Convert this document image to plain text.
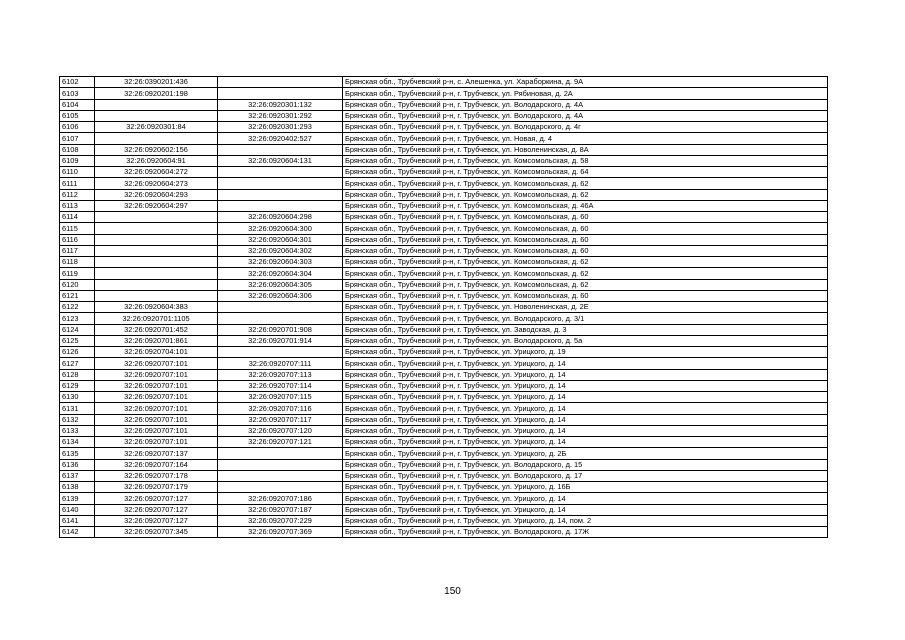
6102	32:26:0390201:436		Брянская обл., Трубчевский р-н, с. Алешенка, ул. Хараборкина, д. 9А
6103	32:26:0920201:198		Брянская обл., Трубчевский р-н, г. Трубчевск, ул. Рябиновая, д. 2А
6104		32:26:0920301:132	Брянская обл., Трубчевский р-н, г. Трубчевск, ул. Володарского, д. 4А
6105		32:26:0920301:292	Брянская обл., Трубчевский р-н, г. Трубчевск, ул. Володарского, д. 4А
6106	32:26:0920301:84	32:26:0920301:293	Брянская обл., Трубчевский р-н, г. Трубчевск, ул. Володарского, д. 4г
6107		32:26:0920402:527	Брянская обл., Трубчевский р-н, г. Трубчевск, ул. Новая, д. 4
6108	32:26:0920602:156		Брянская обл., Трубчевский р-н, г. Трубчевск, ул. Новоленинская, д. 8А
6109	32:26:0920604:91	32:26:0920604:131	Брянская обл., Трубчевский р-н, г. Трубчевск, ул. Комсомольская, д. 58
6110	32:26:0920604:272		Брянская обл., Трубчевский р-н, г. Трубчевск, ул. Комсомольская, д. 64
6111	32:26:0920604:273		Брянская обл., Трубчевский р-н, г. Трубчевск, ул. Комсомольская, д. 62
6112	32:26:0920604:293		Брянская обл., Трубчевский р-н, г. Трубчевск, ул. Комсомольская, д. 62
6113	32:26:0920604:297		Брянская обл., Трубчевский р-н, г. Трубчевск, ул. Комсомольская, д. 46А
6114		32:26:0920604:298	Брянская обл., Трубчевский р-н, г. Трубчевск, ул. Комсомольская, д. 60
6115		32:26:0920604:300	Брянская обл., Трубчевский р-н, г. Трубчевск, ул. Комсомольская, д. 60
6116		32:26:0920604:301	Брянская обл., Трубчевский р-н, г. Трубчевск, ул. Комсомольская, д. 60
6117		32:26:0920604:302	Брянская обл., Трубчевский р-н, г. Трубчевск, ул. Комсомольская, д. 60
6118		32:26:0920604:303	Брянская обл., Трубчевский р-н, г. Трубчевск, ул. Комсомольская, д. 62
6119		32:26:0920604:304	Брянская обл., Трубчевский р-н, г. Трубчевск, ул. Комсомольская, д. 62
6120		32:26:0920604:305	Брянская обл., Трубчевский р-н, г. Трубчевск, ул. Комсомольская, д. 62
6121		32:26:0920604:306	Брянская обл., Трубчевский р-н, г. Трубчевск, ул. Комсомольская, д. 60
6122	32:26:0920604:383		Брянская обл., Трубчевский р-н, г. Трубчевск, ул. Новоленинская, д. 2Е
6123	32:26:0920701:1105		Брянская обл., Трубчевский р-н, г. Трубчевск, ул. Володарского, д. 3/1
6124	32:26:0920701:452	32:26:0920701:908	Брянская обл., Трубчевский р-н, г. Трубчевск, ул. Заводская, д. 3
6125	32:26:0920701:861	32:26:0920701:914	Брянская обл., Трубчевский р-н, г. Трубчевск, ул. Володарского, д. 5а
6126	32:26:0920704:101		Брянская обл., Трубчевский р-н, г. Трубчевск, ул. Урицкого, д. 19
6127	32:26:0920707:101	32:26:0920707:111	Брянская обл., Трубчевский р-н, г. Трубчевск, ул. Урицкого, д. 14
6128	32:26:0920707:101	32:26:0920707:113	Брянская обл., Трубчевский р-н, г. Трубчевск, ул. Урицкого, д. 14
6129	32:26:0920707:101	32:26:0920707:114	Брянская обл., Трубчевский р-н, г. Трубчевск, ул. Урицкого, д. 14
6130	32:26:0920707:101	32:26:0920707:115	Брянская обл., Трубчевский р-н, г. Трубчевск, ул. Урицкого, д. 14
6131	32:26:0920707:101	32:26:0920707:116	Брянская обл., Трубчевский р-н, г. Трубчевск, ул. Урицкого, д. 14
6132	32:26:0920707:101	32:26:0920707:117	Брянская обл., Трубчевский р-н, г. Трубчевск, ул. Урицкого, д. 14
6133	32:26:0920707:101	32:26:0920707:120	Брянская обл., Трубчевский р-н, г. Трубчевск, ул. Урицкого, д. 14
6134	32:26:0920707:101	32:26:0920707:121	Брянская обл., Трубчевский р-н, г. Трубчевск, ул. Урицкого, д. 14
6135	32:26:0920707:137		Брянская обл., Трубчевский р-н, г. Трубчевск, ул. Урицкого, д. 2Б
6136	32:26:0920707:164		Брянская обл., Трубчевский р-н, г. Трубчевск, ул. Володарского, д. 15
6137	32:26:0920707:178		Брянская обл., Трубчевский р-н, г. Трубчевск, ул. Володарского, д. 17
6138	32:26:0920707:179		Брянская обл., Трубчевский р-н, г. Трубчевск, ул. Урицкого, д. 16Б
6139	32:26:0920707:127	32:26:0920707:186	Брянская обл., Трубчевский р-н, г. Трубчевск, ул. Урицкого, д. 14
6140	32:26:0920707:127	32:26:0920707:187	Брянская обл., Трубчевский р-н, г. Трубчевск, ул. Урицкого, д. 14
6141	32:26:0920707:127	32:26:0920707:229	Брянская обл., Трубчевский р-н, г. Трубчевск, ул. Урицкого, д. 14, пом. 2
6142	32:26:0920707:345	32:26:0920707:369	Брянская обл., Трубчевский р-н, г. Трубчевск, ул. Володарского, д. 17Ж
150
